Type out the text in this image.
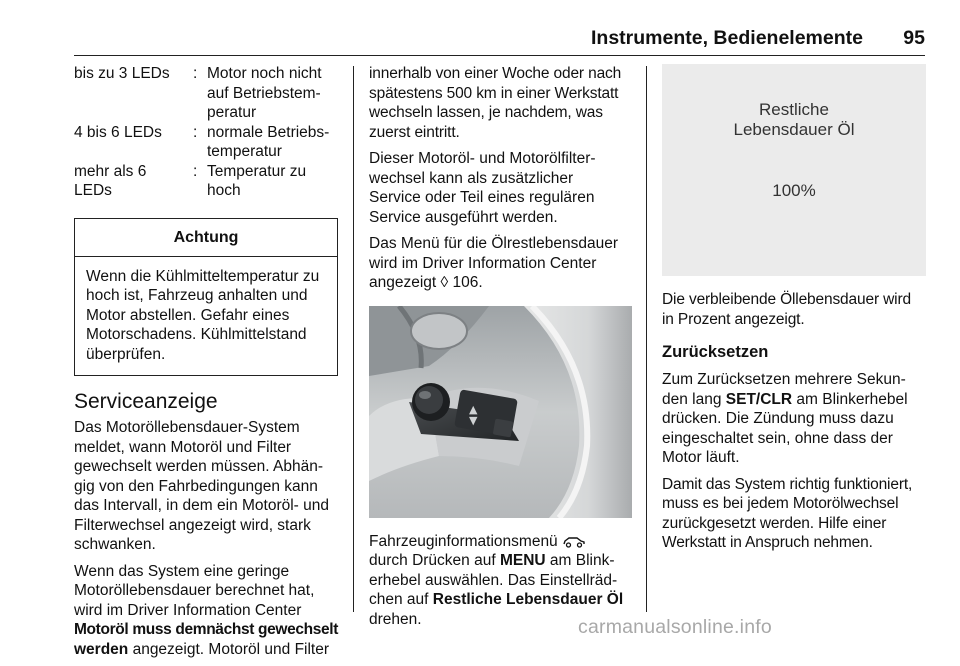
Instrumente, Bedienelemente 95
bis zu 3 LEDs	: Motor noch nicht
auf Betriebstem-
peratur
4 bis 6 LEDs	: normale Betriebs-
temperatur
mehr als 6
LEDs
: Temperatur zu
hoch
Achtung
Wenn die Kühlmitteltemperatur zu
hoch ist, Fahrzeug anhalten und
Motor abstellen. Gefahr eines
Motorschadens. Kühlmittelstand
überprüfen.
Serviceanzeige

Das Motoröllebensdauer-System
meldet, wann Motoröl und Filter
gewechselt werden müssen. Abhän-
gig von den Fahrbedingungen kann
das Intervall, in dem ein Motoröl- und
Filterwechsel angezeigt wird, stark
schwanken.

Wenn das System eine geringe
Motoröllebensdauer berechnet hat,
wird im Driver Information Center
Motoröl muss demnächst gewechselt
werden angezeigt. Motoröl und Filter

innerhalb von einer Woche oder nach
spätestens 500 km in einer Werkstatt
wechseln lassen, je nachdem, was
zuerst eintritt.

Dieser Motoröl- und Motorölfilter-
wechsel kann als zusätzlicher
Service oder Teil eines regulären
Service ausgeführt werden.

Das Menü für die Ölrestlebensdauer
wird im Driver Information Center
angezeigt ◊ 106.

▲
▼

Fahrzeuginformationsmenü
durch Drücken auf MENU am Blink-
erhebel auswählen. Das Einstellräd-
chen auf Restliche Lebensdauer Öl
drehen.

Restliche
Lebensdauer Öl
100%

Die verbleibende Öllebensdauer wird
in Prozent angezeigt.

Zurücksetzen

Zum Zurücksetzen mehrere Sekun-
den lang SET/CLR am Blinkerhebel
drücken. Die Zündung muss dazu
eingeschaltet sein, ohne dass der
Motor läuft.

Damit das System richtig funktioniert,
muss es bei jedem Motorölwechsel
zurückgesetzt werden. Hilfe einer
Werkstatt in Anspruch nehmen.

carmanualsonline.info
